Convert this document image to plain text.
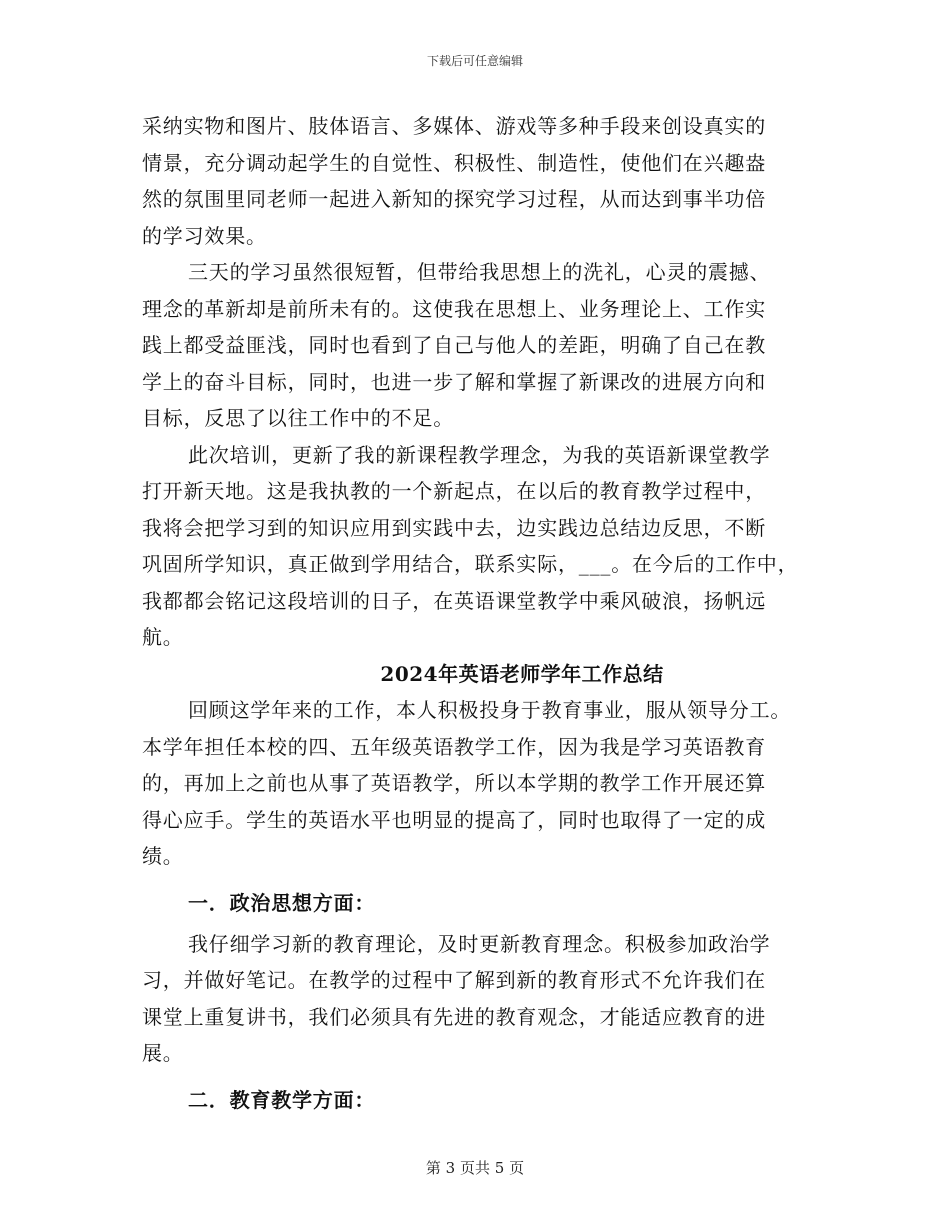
下载后可任意编辑
采纳实物和图片、肢体语言、多媒体、游戏等多种手段来创设真实的
情景，充分调动起学生的自觉性、积极性、制造性，使他们在兴趣盎
然的氛围里同老师一起进入新知的探究学习过程，从而达到事半功倍
的学习效果。
三天的学习虽然很短暂，但带给我思想上的洗礼，心灵的震撼、
理念的革新却是前所未有的。这使我在思想上、业务理论上、工作实
践上都受益匪浅，同时也看到了自己与他人的差距，明确了自己在教
学上的奋斗目标，同时，也进一步了解和掌握了新课改的进展方向和
目标，反思了以往工作中的不足。
此次培训，更新了我的新课程教学理念，为我的英语新课堂教学
打开新天地。这是我执教的一个新起点，在以后的教育教学过程中，
我将会把学习到的知识应用到实践中去，边实践边总结边反思，不断
巩固所学知识，真正做到学用结合，联系实际，___。在今后的工作中，
我都都会铭记这段培训的日子，在英语课堂教学中乘风破浪，扬帆远
航。
2024年英语老师学年工作总结
回顾这学年来的工作，本人积极投身于教育事业，服从领导分工。
本学年担任本校的四、五年级英语教学工作，因为我是学习英语教育
的，再加上之前也从事了英语教学，所以本学期的教学工作开展还算
得心应手。学生的英语水平也明显的提高了，同时也取得了一定的成
绩。
一．政治思想方面：
我仔细学习新的教育理论，及时更新教育理念。积极参加政治学
习，并做好笔记。在教学的过程中了解到新的教育形式不允许我们在
课堂上重复讲书，我们必须具有先进的教育观念，才能适应教育的进
展。
二．教育教学方面：
第 3 页共 5 页
